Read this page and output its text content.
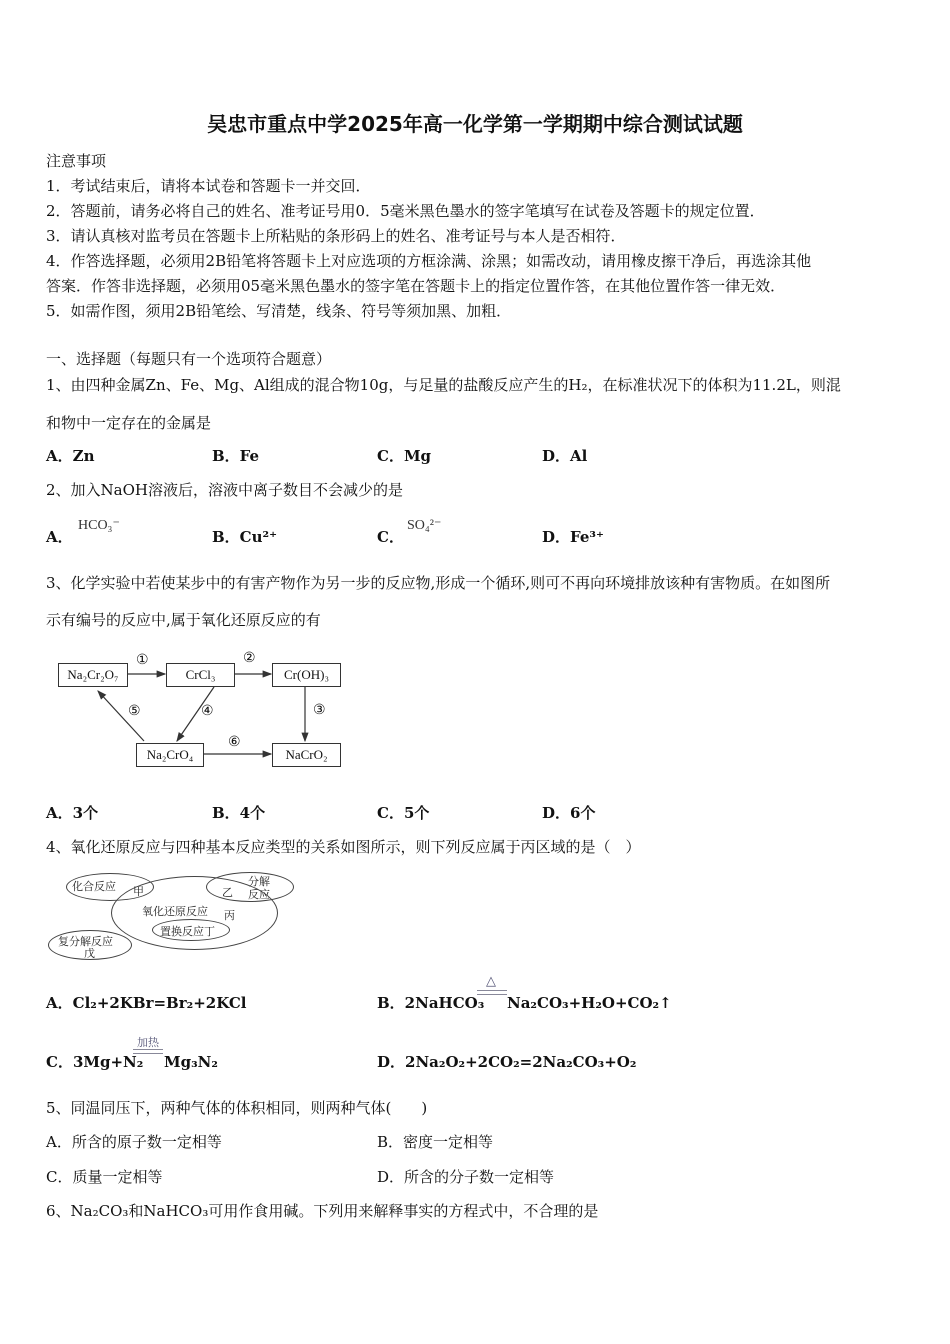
吴忠市重点中学2025年高一化学第一学期期中综合测试试题
注意事项
1．考试结束后，请将本试卷和答题卡一并交回．
2．答题前，请务必将自己的姓名、准考证号用0．5毫米黑色墨水的签字笔填写在试卷及答题卡的规定位置．
3．请认真核对监考员在答题卡上所粘贴的条形码上的姓名、准考证号与本人是否相符．
4．作答选择题，必须用2B铅笔将答题卡上对应选项的方框涂满、涂黑；如需改动，请用橡皮擦干净后，再选涂其他
答案．作答非选择题，必须用05毫米黑色墨水的签字笔在答题卡上的指定位置作答，在其他位置作答一律无效．
5．如需作图，须用2B铅笔绘、写清楚，线条、符号等须加黑、加粗．
一、选择题（每题只有一个选项符合题意）
1、由四种金属Zn、Fe、Mg、Al组成的混合物10g，与足量的盐酸反应产生的H₂，在标准状况下的体积为11.2L，则混
和物中一定存在的金属是
A．Zn	B．Fe	C．Mg	D．Al
2、加入NaOH溶液后，溶液中离子数目不会减少的是
A．
HCO₃⁻
B．Cu²⁺	C．
SO₄²⁻
D．Fe³⁺
3、化学实验中若使某步中的有害产物作为另一步的反应物,形成一个循环,则可不再向环境排放该种有害物质。在如图所
示有编号的反应中,属于氧化还原反应的有
Na₂Cr₂O₇	CrCl₃	Cr(OH)₃
Na₂CrO₄	NaCrO₂
①	②
③
④
⑤
⑥
A．3个	B．4个	C．5个	D．6个
4、氧化还原反应与四种基本反应类型的关系如图所示，则下列反应属于丙区域的是（　）
化合反应 甲
分解
反应
乙
氧化还原反应 丙
置换反应丁
复分解反应
戊
A．Cl₂+2KBr=Br₂+2KCl	B．2NaHCO₃
△
Na₂CO₃+H₂O+CO₂↑
C．3Mg+N₂
加热
Mg₃N₂	D．2Na₂O₂+2CO₂=2Na₂CO₃+O₂
5、同温同压下，两种气体的体积相同，则两种气体(　　)
A．所含的原子数一定相等	B．密度一定相等
C．质量一定相等	D．所含的分子数一定相等
6、Na₂CO₃和NaHCO₃可用作食用碱。下列用来解释事实的方程式中，不合理的是
